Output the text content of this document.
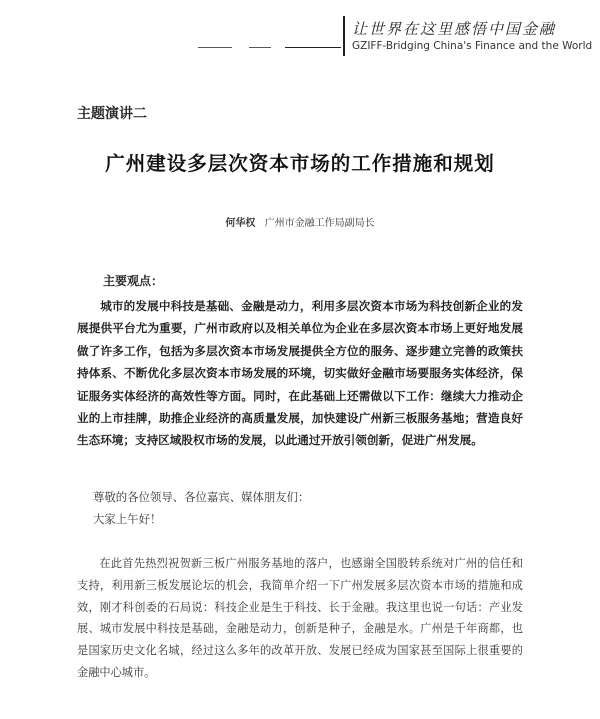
让世界在这里感悟中国金融
GZIFF-Bridging China's Finance and the World
主题演讲二
广州建设多层次资本市场的工作措施和规划
何华权 广州市金融工作局副局长
主要观点：
城市的发展中科技是基础、金融是动力，利用多层次资本市场为科技创新企业的发展提供平台尤为重要，广州市政府以及相关单位为企业在多层次资本市场上更好地发展做了许多工作，包括为多层次资本市场发展提供全方位的服务、逐步建立完善的政策扶持体系、不断优化多层次资本市场发展的环境，切实做好金融市场要服务实体经济，保证服务实体经济的高效性等方面。同时，在此基础上还需做以下工作：继续大力推动企业的上市挂牌，助推企业经济的高质量发展，加快建设广州新三板服务基地；营造良好生态环境；支持区域股权市场的发展，以此通过开放引领创新，促进广州发展。
尊敬的各位领导、各位嘉宾、媒体朋友们：
大家上午好！
在此首先热烈祝贺新三板广州服务基地的落户，也感谢全国股转系统对广州的信任和支持，利用新三板发展论坛的机会，我简单介绍一下广州发展多层次资本市场的措施和成效，刚才科创委的石局说：科技企业是生于科技、长于金融。我这里也说一句话：产业发展、城市发展中科技是基础，金融是动力，创新是种子，金融是水。广州是千年商都，也是国家历史文化名城，经过这么多年的改革开放、发展已经成为国家甚至国际上很重要的金融中心城市。
